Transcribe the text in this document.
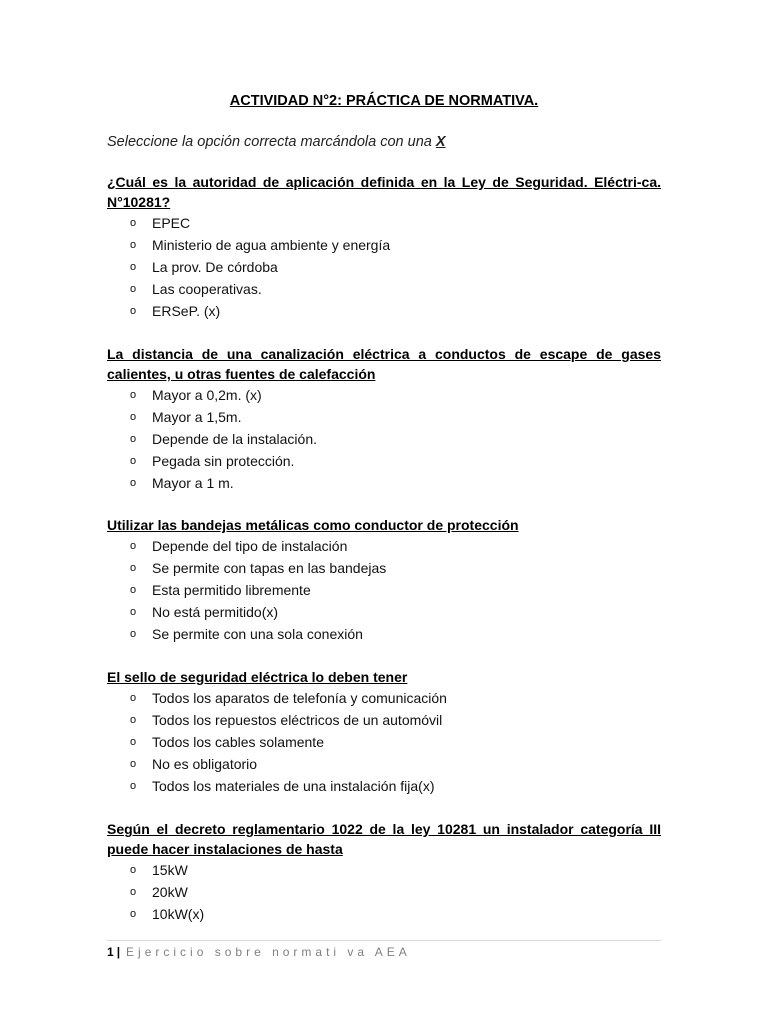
ACTIVIDAD N°2: PRÁCTICA DE NORMATIVA.
Seleccione la opción correcta marcándola con una X

¿Cuál es la autoridad de aplicación definida en la Ley de Seguridad. Eléctri-ca. N°10281?

o EPEC
o Ministerio de agua ambiente y energía
o La prov. De córdoba
o Las cooperativas.
o ERSeP. (x)

La distancia de una canalización eléctrica a conductos de escape de gases calientes, u otras fuentes de calefacción

o Mayor a 0,2m. (x)
o Mayor a 1,5m.
o Depende de la instalación.
o Pegada sin protección.
o Mayor a 1 m.

Utilizar las bandejas metálicas como conductor de protección

o Depende del tipo de instalación
o Se permite con tapas en las bandejas
o Esta permitido libremente
o No está permitido(x)
o Se permite con una sola conexión

El sello de seguridad eléctrica lo deben tener

o Todos los aparatos de telefonía y comunicación
o Todos los repuestos eléctricos de un automóvil
o Todos los cables solamente
o No es obligatorio
o Todos los materiales de una instalación fija(x)

Según el decreto reglamentario 1022 de la ley 10281 un instalador categoría III puede hacer instalaciones de hasta

o 15kW
o 20kW
o 10kW(x)
1 | Ejercicio sobre normati va AEA
